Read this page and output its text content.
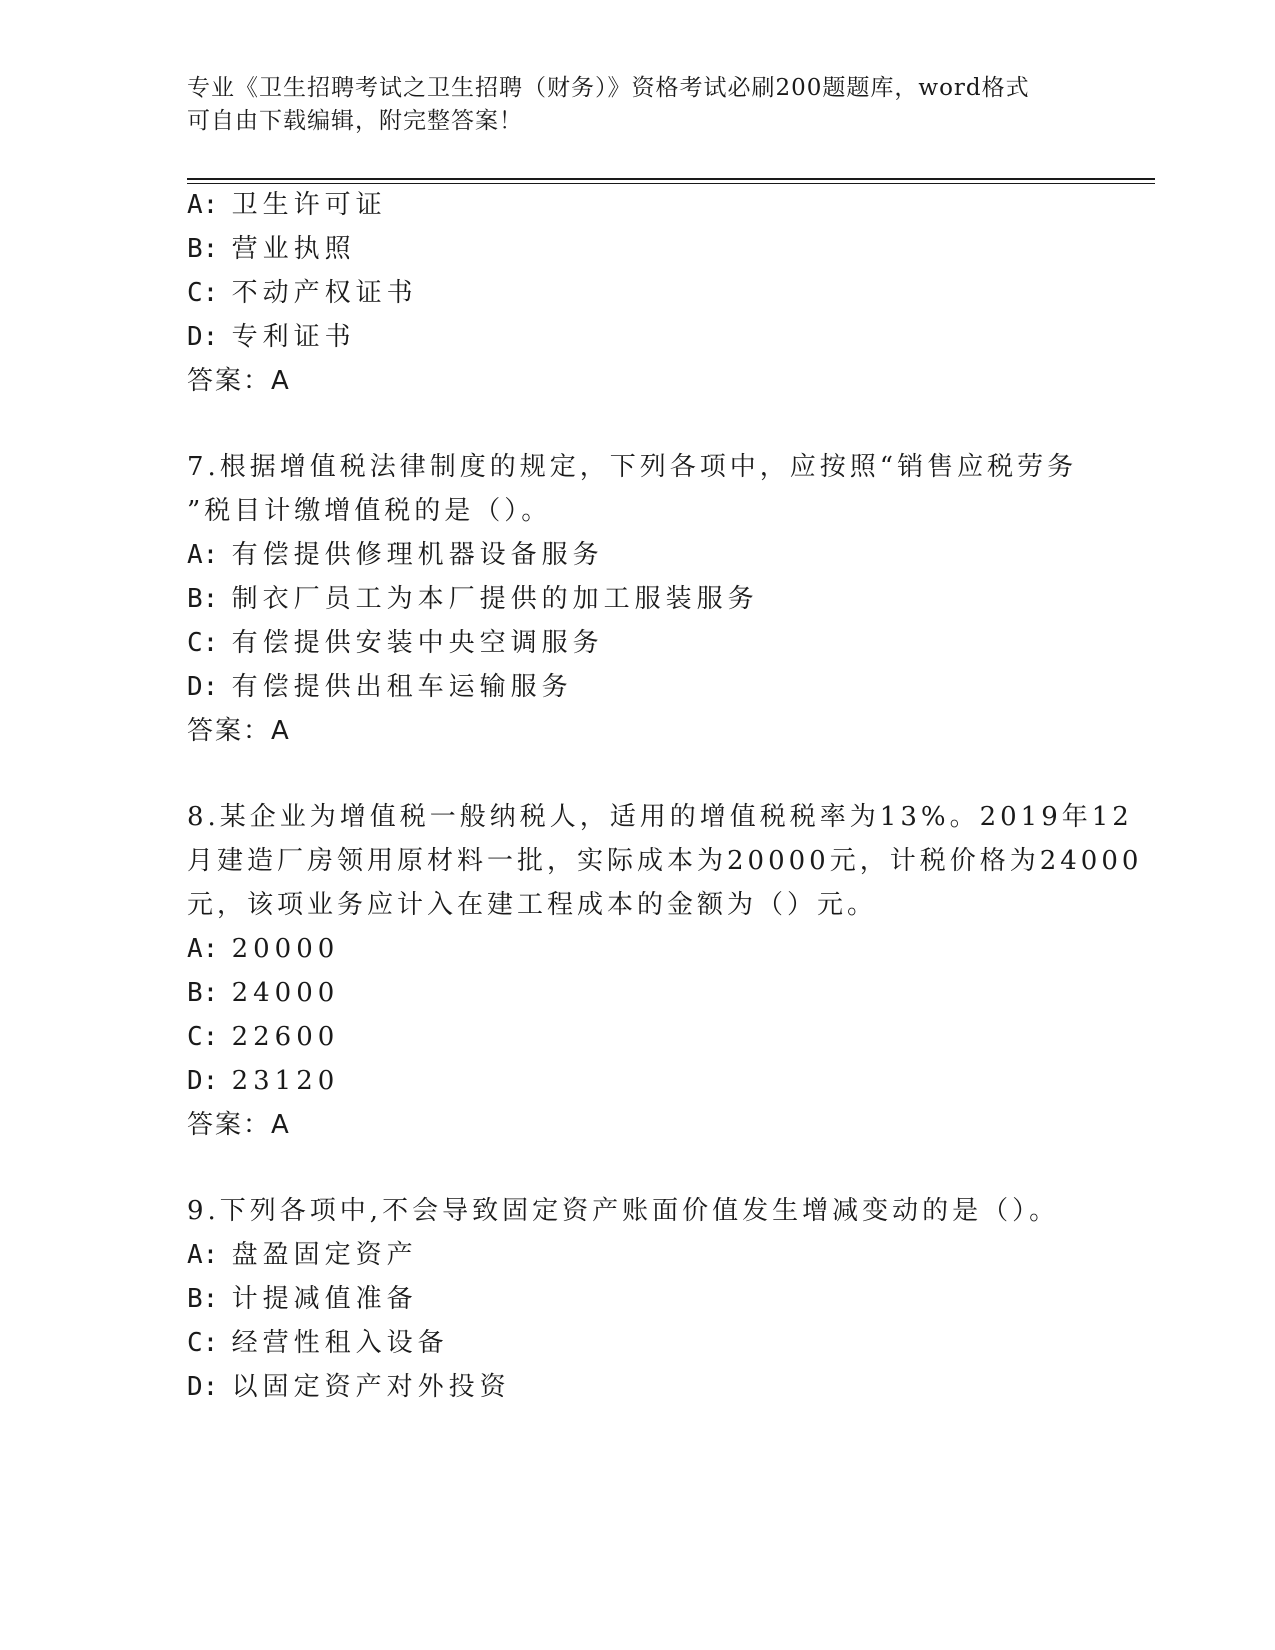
专业《卫生招聘考试之卫生招聘（财务）》资格考试必刷200题题库，word格式
可自由下载编辑，附完整答案！
A: 卫生许可证
B: 营业执照
C: 不动产权证书
D: 专利证书
答案：A
7.根据增值税法律制度的规定，下列各项中，应按照“销售应税劳务
”税目计缴增值税的是（）。
A: 有偿提供修理机器设备服务
B: 制衣厂员工为本厂提供的加工服装服务
C: 有偿提供安装中央空调服务
D: 有偿提供出租车运输服务
答案：A
8.某企业为增值税一般纳税人，适用的增值税税率为13%。2019年12
月建造厂房领用原材料一批，实际成本为20000元，计税价格为24000
元，该项业务应计入在建工程成本的金额为（）元。
A: 20000
B: 24000
C: 22600
D: 23120
答案：A
9.下列各项中,不会导致固定资产账面价值发生增减变动的是（）。
A: 盘盈固定资产
B: 计提减值准备
C: 经营性租入设备
D: 以固定资产对外投资
